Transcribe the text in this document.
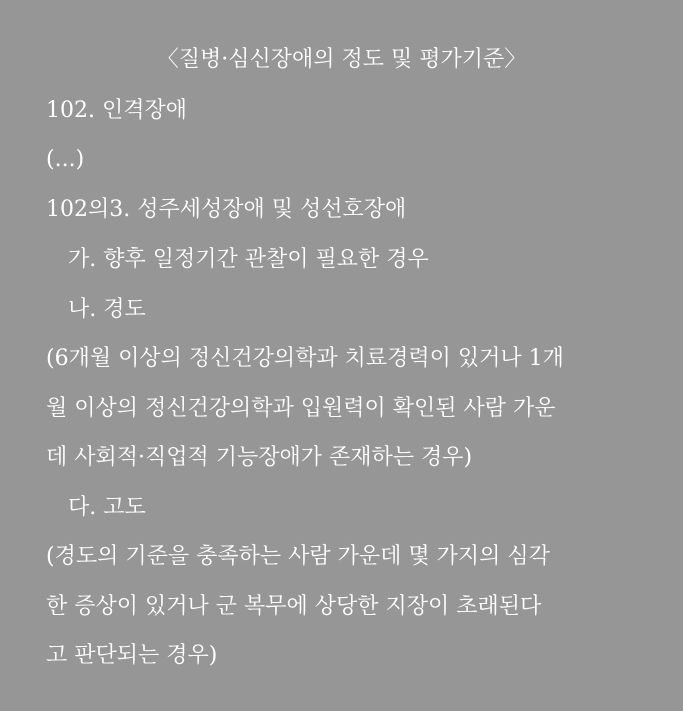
〈질병·심신장애의 정도 및 평가기준〉
102. 인격장애
(...)
102의3. 성주세성장애 및 성선호장애
가. 향후 일정기간 관찰이 필요한 경우
나. 경도
(6개월 이상의 정신건강의학과 치료경력이 있거나 1개
월 이상의 정신건강의학과 입원력이 확인된 사람 가운
데 사회적·직업적 기능장애가 존재하는 경우)
다. 고도
(경도의 기준을 충족하는 사람 가운데 몇 가지의 심각
한 증상이 있거나 군 복무에 상당한 지장이 초래된다
고 판단되는 경우)
